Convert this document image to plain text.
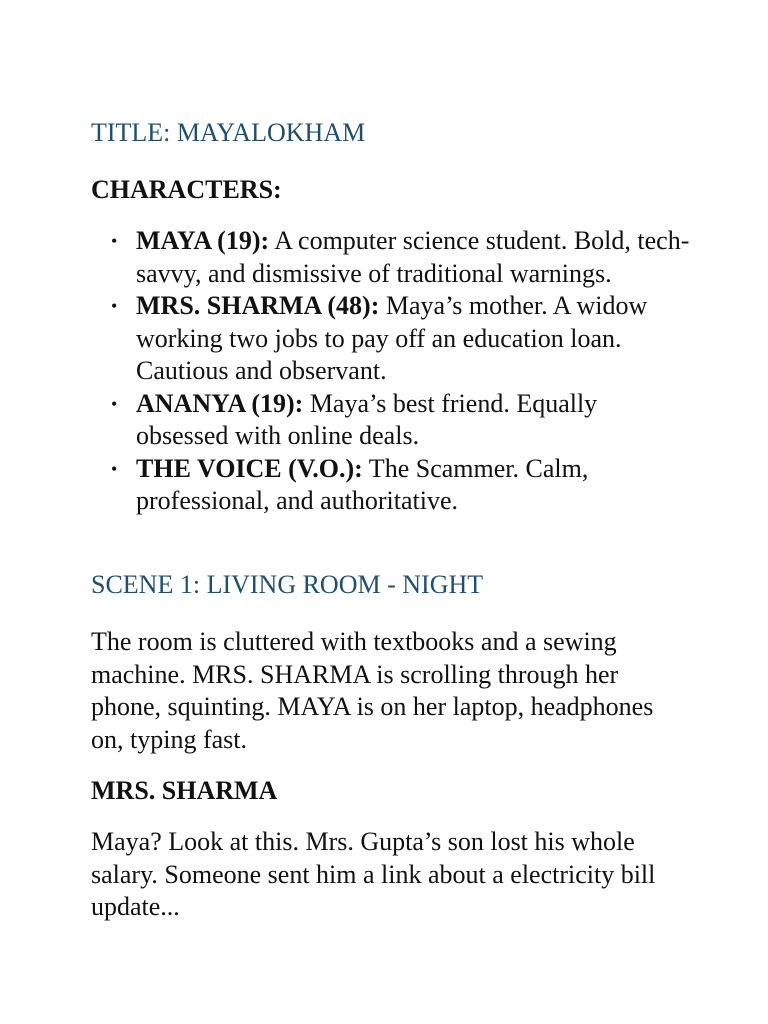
TITLE: MAYALOKHAM
CHARACTERS:
• MAYA (19): A computer science student. Bold, tech-savvy, and dismissive of traditional warnings.
• MRS. SHARMA (48): Maya’s mother. A widow working two jobs to pay off an education loan. Cautious and observant.
• ANANYA (19): Maya’s best friend. Equally obsessed with online deals.
• THE VOICE (V.O.): The Scammer. Calm, professional, and authoritative.
SCENE 1: LIVING ROOM - NIGHT

The room is cluttered with textbooks and a sewing machine. MRS. SHARMA is scrolling through her phone, squinting. MAYA is on her laptop, headphones on, typing fast.

MRS. SHARMA

Maya? Look at this. Mrs. Gupta’s son lost his whole salary. Someone sent him a link about a electricity bill update...
